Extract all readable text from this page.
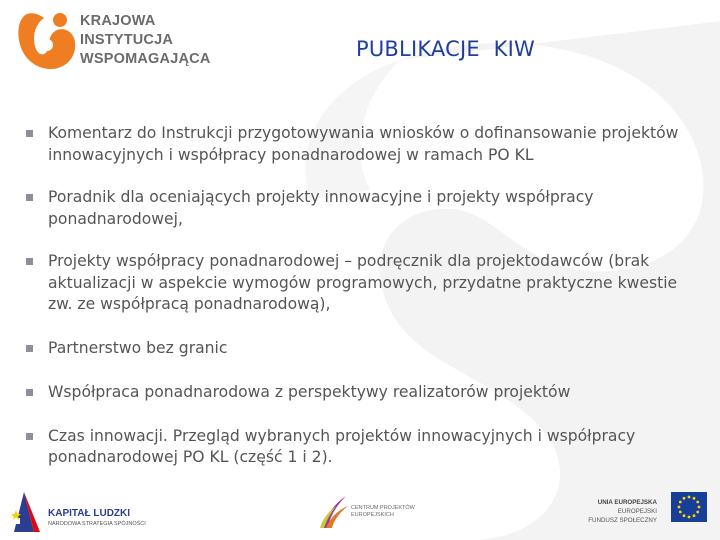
KRAJOWA
INSTYTUCJA
WSPOMAGAJĄCA	PUBLIKACJE  KIW
Komentarz do Instrukcji przygotowywania wniosków o dofinansowanie projektów innowacyjnych i współpracy ponadnarodowej w ramach PO KL
Poradnik dla oceniających projekty innowacyjne i projekty współpracy ponadnarodowej,
Projekty współpracy ponadnarodowej – podręcznik dla projektodawców (brak aktualizacji w aspekcie wymogów programowych, przydatne praktyczne kwestie zw. ze współpracą ponadnarodową),
Partnerstwo bez granic
Współpraca ponadnarodowa z perspektywy realizatorów projektów
Czas innowacji. Przegląd wybranych projektów innowacyjnych i współpracy ponadnarodowej PO KL (część 1 i 2).
KAPITAŁ LUDZKI
NARODOWA STRATEGIA SPÓJNOŚCI
CENTRUM PROJEKTÓW
EUROPEJSKICH
UNIA EUROPEJSKA
EUROPEJSKI
FUNDUSZ SPOŁECZNY
